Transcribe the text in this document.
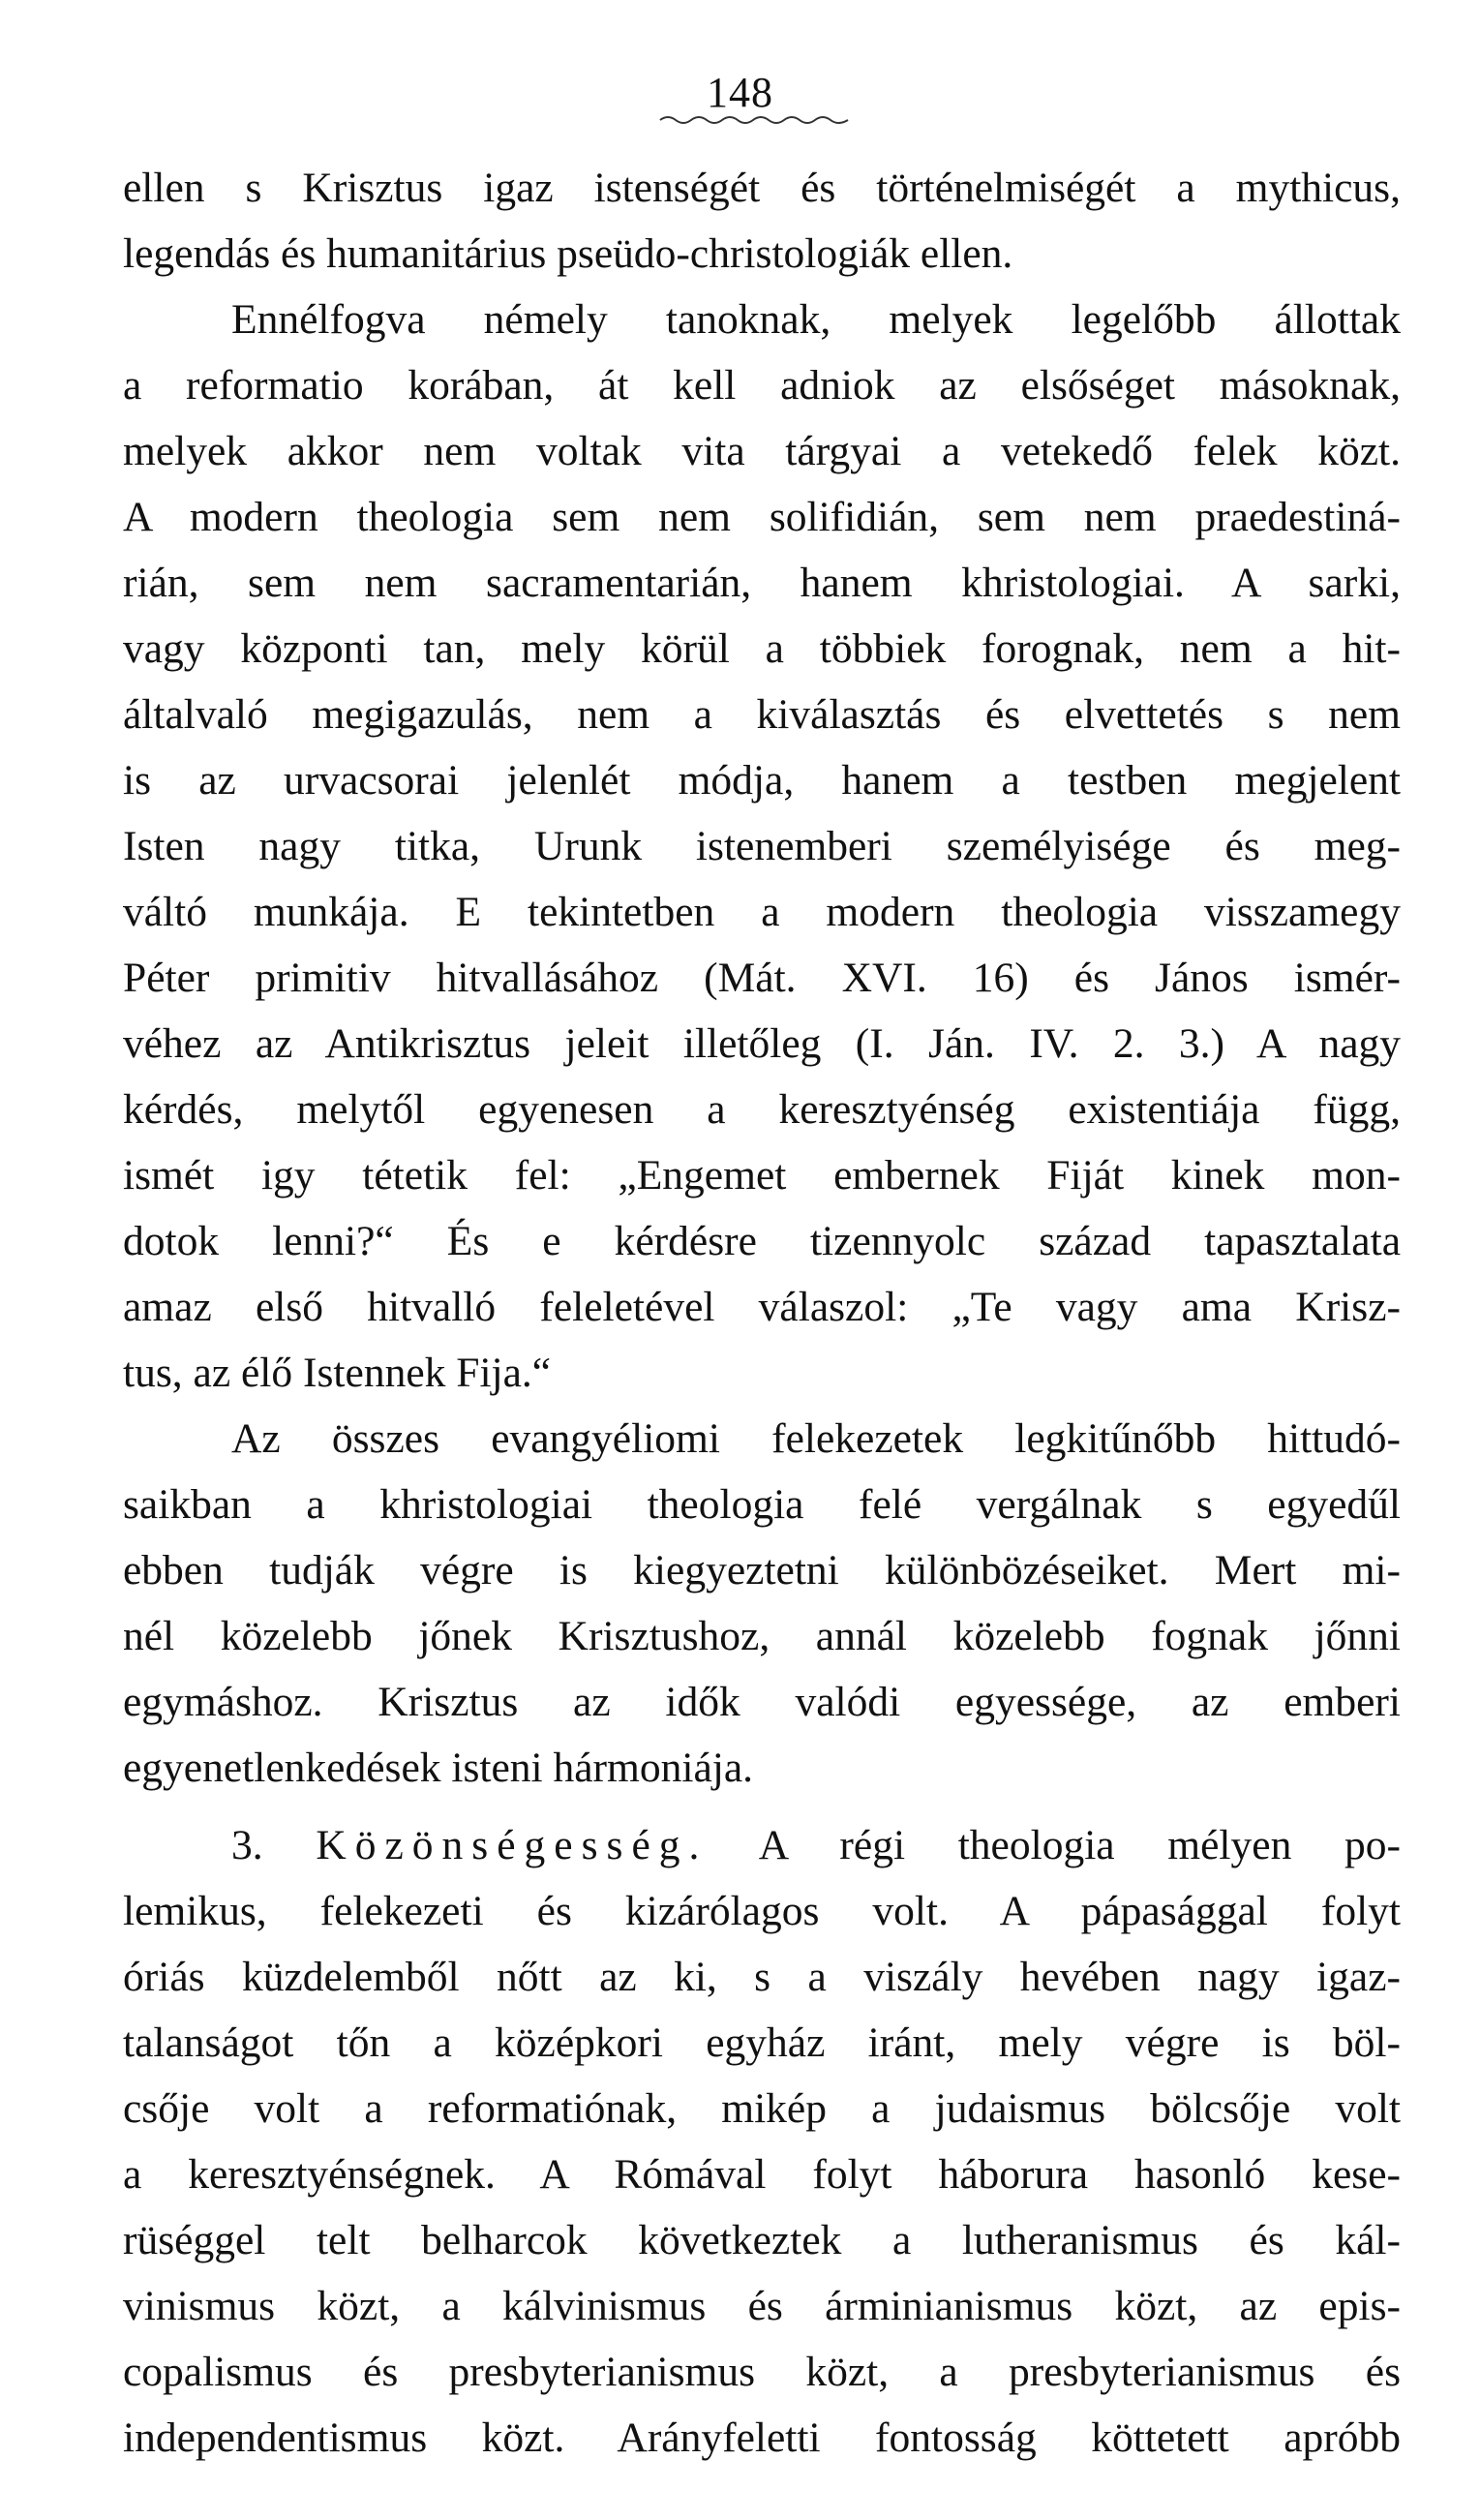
148
ellen s Krisztus igaz istenségét és történelmiségét a mythicus,
legendás és humanitárius pseüdo-christologiák ellen.
Ennélfogva némely tanoknak, melyek legelőbb állottak
a reformatio korában, át kell adniok az elsőséget másoknak,
melyek akkor nem voltak vita tárgyai a vetekedő felek közt.
A modern theologia sem nem solifidián, sem nem praedestiná-
rián, sem nem sacramentarián, hanem khristologiai. A sarki,
vagy központi tan, mely körül a többiek forognak, nem a hit-
általvaló megigazulás, nem a kiválasztás és elvettetés s nem
is az urvacsorai jelenlét módja, hanem a testben megjelent
Isten nagy titka, Urunk istenemberi személyisége és meg-
váltó munkája. E tekintetben a modern theologia visszamegy
Péter primitiv hitvallásához (Mát. XVI. 16) és János ismér-
véhez az Antikrisztus jeleit illetőleg (I. Ján. IV. 2. 3.) A nagy
kérdés, melytől egyenesen a keresztyénség existentiája függ,
ismét igy tétetik fel: „Engemet embernek Fiját kinek mon-
dotok lenni?“ És e kérdésre tizennyolc század tapasztalata
amaz első hitvalló feleletével válaszol: „Te vagy ama Krisz-
tus, az élő Istennek Fija.“
Az összes evangyéliomi felekezetek legkitűnőbb hittudó-
saikban a khristologiai theologia felé vergálnak s egyedűl
ebben tudják végre is kiegyeztetni különbözéseiket. Mert mi-
nél közelebb jőnek Krisztushoz, annál közelebb fognak jőnni
egymáshoz. Krisztus az idők valódi egyessége, az emberi
egyenetlenkedések isteni hármoniája.
3. Közönségesség. A régi theologia mélyen po-
lemikus, felekezeti és kizárólagos volt. A pápasággal folyt
óriás küzdelemből nőtt az ki, s a viszály hevében nagy igaz-
talanságot tőn a középkori egyház iránt, mely végre is böl-
csője volt a reformatiónak, mikép a judaismus bölcsője volt
a keresztyénségnek. A Rómával folyt háborura hasonló kese-
rüséggel telt belharcok következtek a lutheranismus és kál-
vinismus közt, a kálvinismus és árminianismus közt, az epis-
copalismus és presbyterianismus közt, a presbyterianismus és
independentismus közt. Arányfeletti fontosság köttetett apróbb
